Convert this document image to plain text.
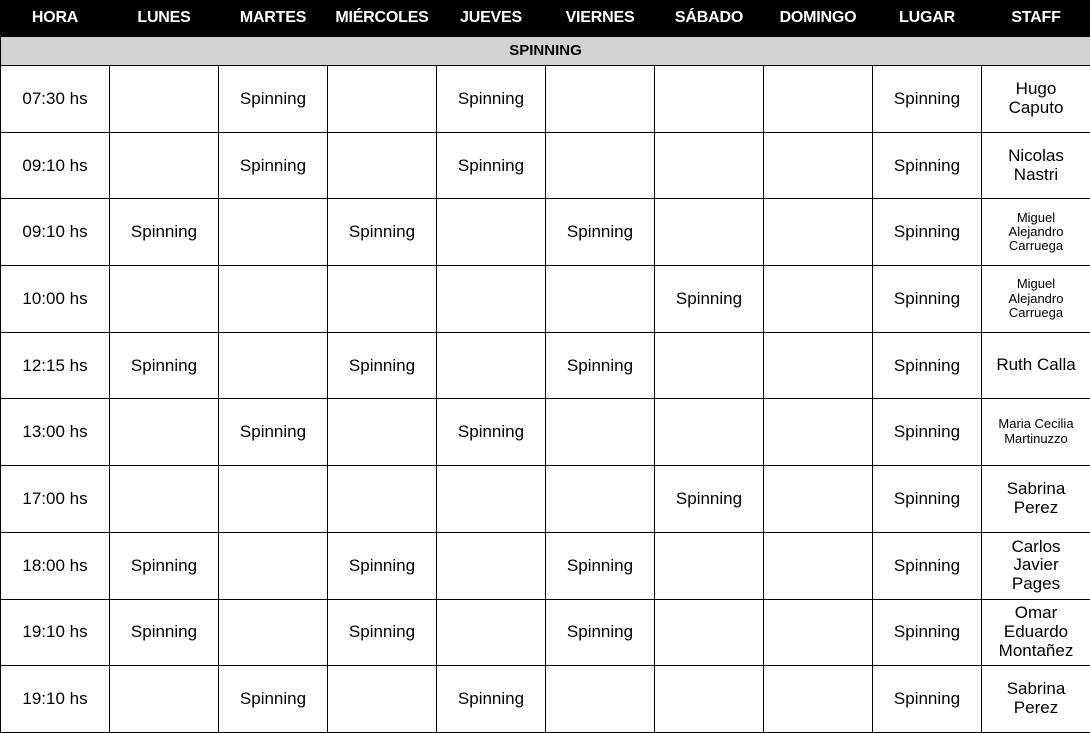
HORA	LUNES	MARTES	MIÉRCOLES	JUEVES	VIERNES	SÁBADO	DOMINGO	LUGAR	STAFF
SPINNING									
07:30 hs		Spinning		Spinning				Spinning	Hugo
Caputo
09:10 hs		Spinning		Spinning				Spinning	Nicolas
Nastri
09:10 hs	Spinning		Spinning		Spinning			Spinning	Miguel
Alejandro
Carruega
10:00 hs						Spinning		Spinning	Miguel
Alejandro
Carruega
12:15 hs	Spinning		Spinning		Spinning			Spinning	Ruth Calla
13:00 hs		Spinning		Spinning				Spinning	Maria Cecilia
Martinuzzo
17:00 hs						Spinning		Spinning	Sabrina
Perez
18:00 hs	Spinning		Spinning		Spinning			Spinning	Carlos
Javier
Pages
19:10 hs	Spinning		Spinning		Spinning			Spinning	Omar
Eduardo
Montañez
19:10 hs		Spinning		Spinning				Spinning	Sabrina
Perez
